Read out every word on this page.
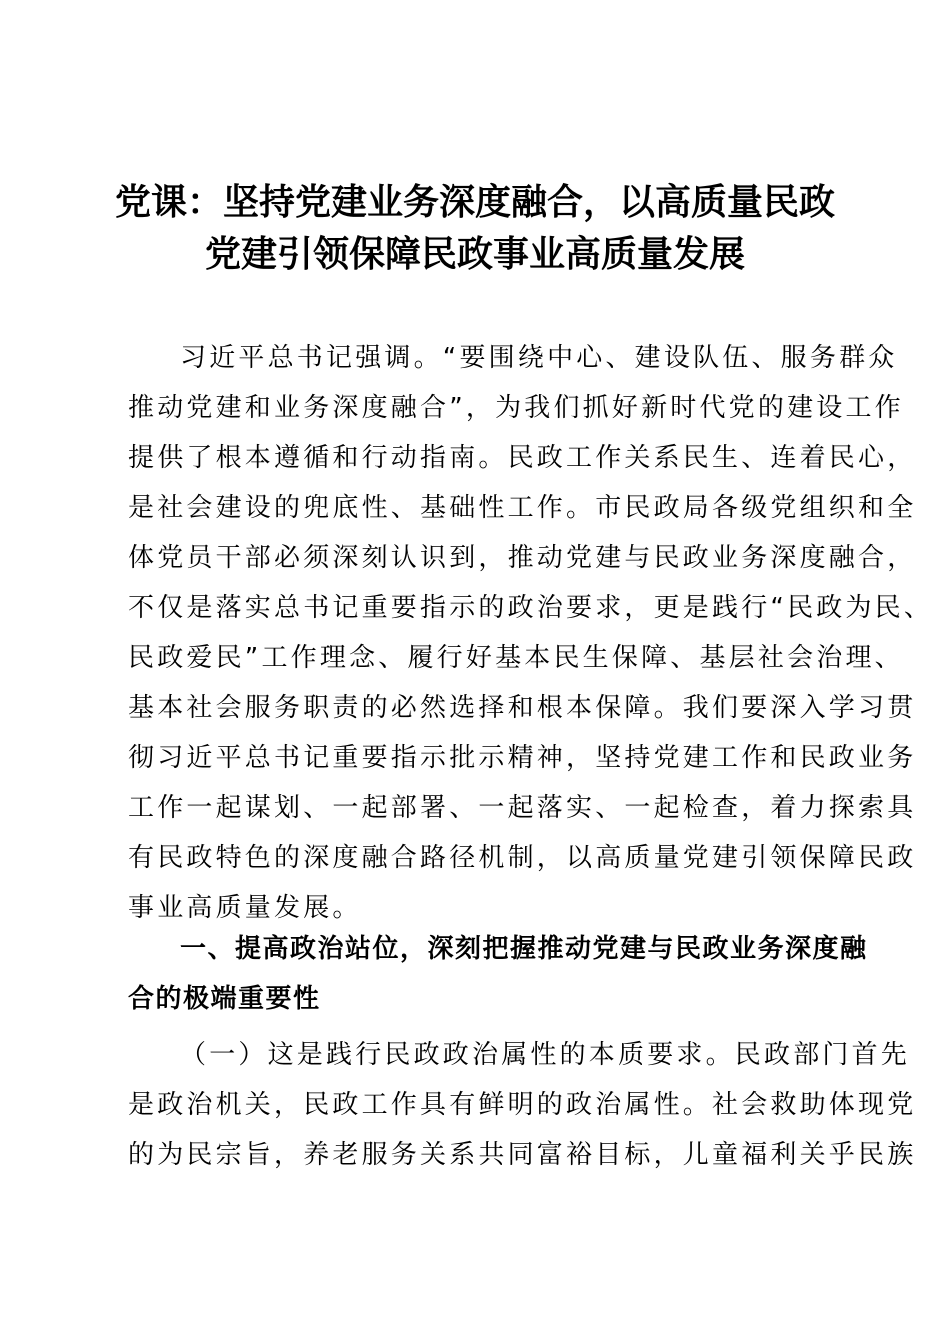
党课：坚持党建业务深度融合，以高质量民政
党建引领保障民政事业高质量发展
习近平总书记强调。“要围绕中心、建设队伍、服务群众
推动党建和业务深度融合”，为我们抓好新时代党的建设工作
提供了根本遵循和行动指南。民政工作关系民生、连着民心，
是社会建设的兜底性、基础性工作。市民政局各级党组织和全
体党员干部必须深刻认识到，推动党建与民政业务深度融合，
不仅是落实总书记重要指示的政治要求，更是践行“民政为民、
民政爱民”工作理念、履行好基本民生保障、基层社会治理、
基本社会服务职责的必然选择和根本保障。我们要深入学习贯
彻习近平总书记重要指示批示精神，坚持党建工作和民政业务
工作一起谋划、一起部署、一起落实、一起检查，着力探索具
有民政特色的深度融合路径机制，以高质量党建引领保障民政
事业高质量发展。
一、提高政治站位，深刻把握推动党建与民政业务深度融
合的极端重要性
（一）这是践行民政政治属性的本质要求。民政部门首先
是政治机关，民政工作具有鲜明的政治属性。社会救助体现党
的为民宗旨，养老服务关系共同富裕目标，儿童福利关乎民族
